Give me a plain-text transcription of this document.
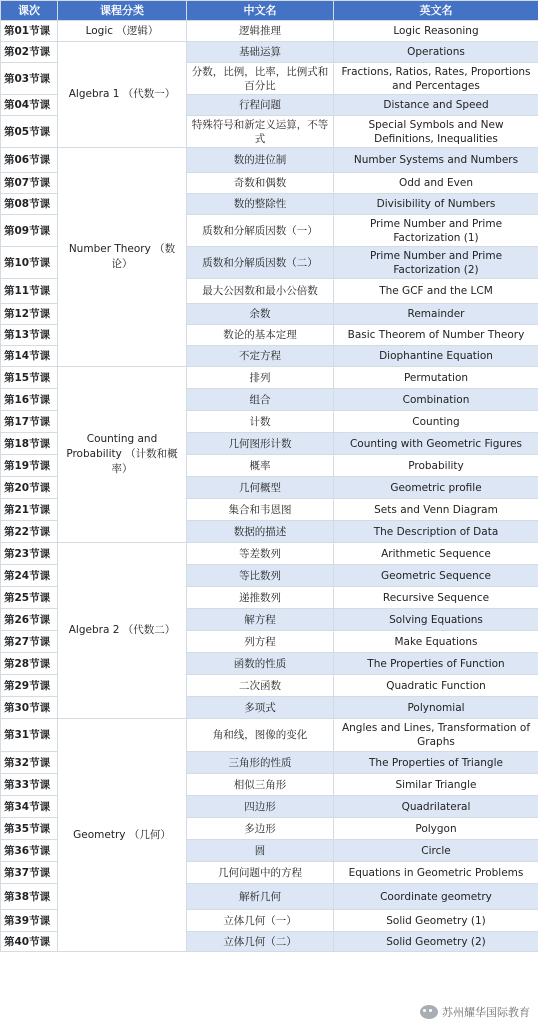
课次	课程分类	中文名	英文名
第01节课	Logic （逻辑）	逻辑推理	Logic Reasoning
第02节课	Algebra 1 （代数一）	基础运算	Operations
第03节课		分数，比例，比率，比例式和百分比	Fractions, Ratios, Rates, Proportions and Percentages
第04节课		行程问题	Distance and Speed
第05节课		特殊符号和新定义运算，不等式	Special Symbols and New Definitions, Inequalities
第06节课	Number Theory （数论）	数的进位制	Number Systems and Numbers
第07节课		奇数和偶数	Odd and Even
第08节课		数的整除性	Divisibility of Numbers
第09节课		质数和分解质因数（一）	Prime Number and Prime Factorization (1)
第10节课		质数和分解质因数（二）	Prime Number and Prime Factorization (2)
第11节课		最大公因数和最小公倍数	The GCF and the LCM
第12节课		余数	Remainder
第13节课		数论的基本定理	Basic Theorem of Number Theory
第14节课		不定方程	Diophantine Equation
第15节课	Counting and Probability （计数和概率）	排列	Permutation
第16节课		组合	Combination
第17节课		计数	Counting
第18节课		几何图形计数	Counting with Geometric Figures
第19节课		概率	Probability
第20节课		几何概型	Geometric profile
第21节课		集合和韦恩图	Sets and Venn Diagram
第22节课		数据的描述	The Description of Data
第23节课	Algebra 2 （代数二）	等差数列	Arithmetic Sequence
第24节课		等比数列	Geometric Sequence
第25节课		递推数列	Recursive Sequence
第26节课		解方程	Solving Equations
第27节课		列方程	Make Equations
第28节课		函数的性质	The Properties of Function
第29节课		二次函数	Quadratic Function
第30节课		多项式	Polynomial
第31节课	Geometry （几何）	角和线，图像的变化	Angles and Lines, Transformation of Graphs
第32节课		三角形的性质	The Properties of Triangle
第33节课		相似三角形	Similar Triangle
第34节课		四边形	Quadrilateral
第35节课		多边形	Polygon
第36节课		圆	Circle
第37节课		几何问题中的方程	Equations in Geometric Problems
第38节课		解析几何	Coordinate geometry
第39节课		立体几何（一）	Solid Geometry (1)
第40节课		立体几何（二）	Solid Geometry (2)
苏州耀华国际教育
